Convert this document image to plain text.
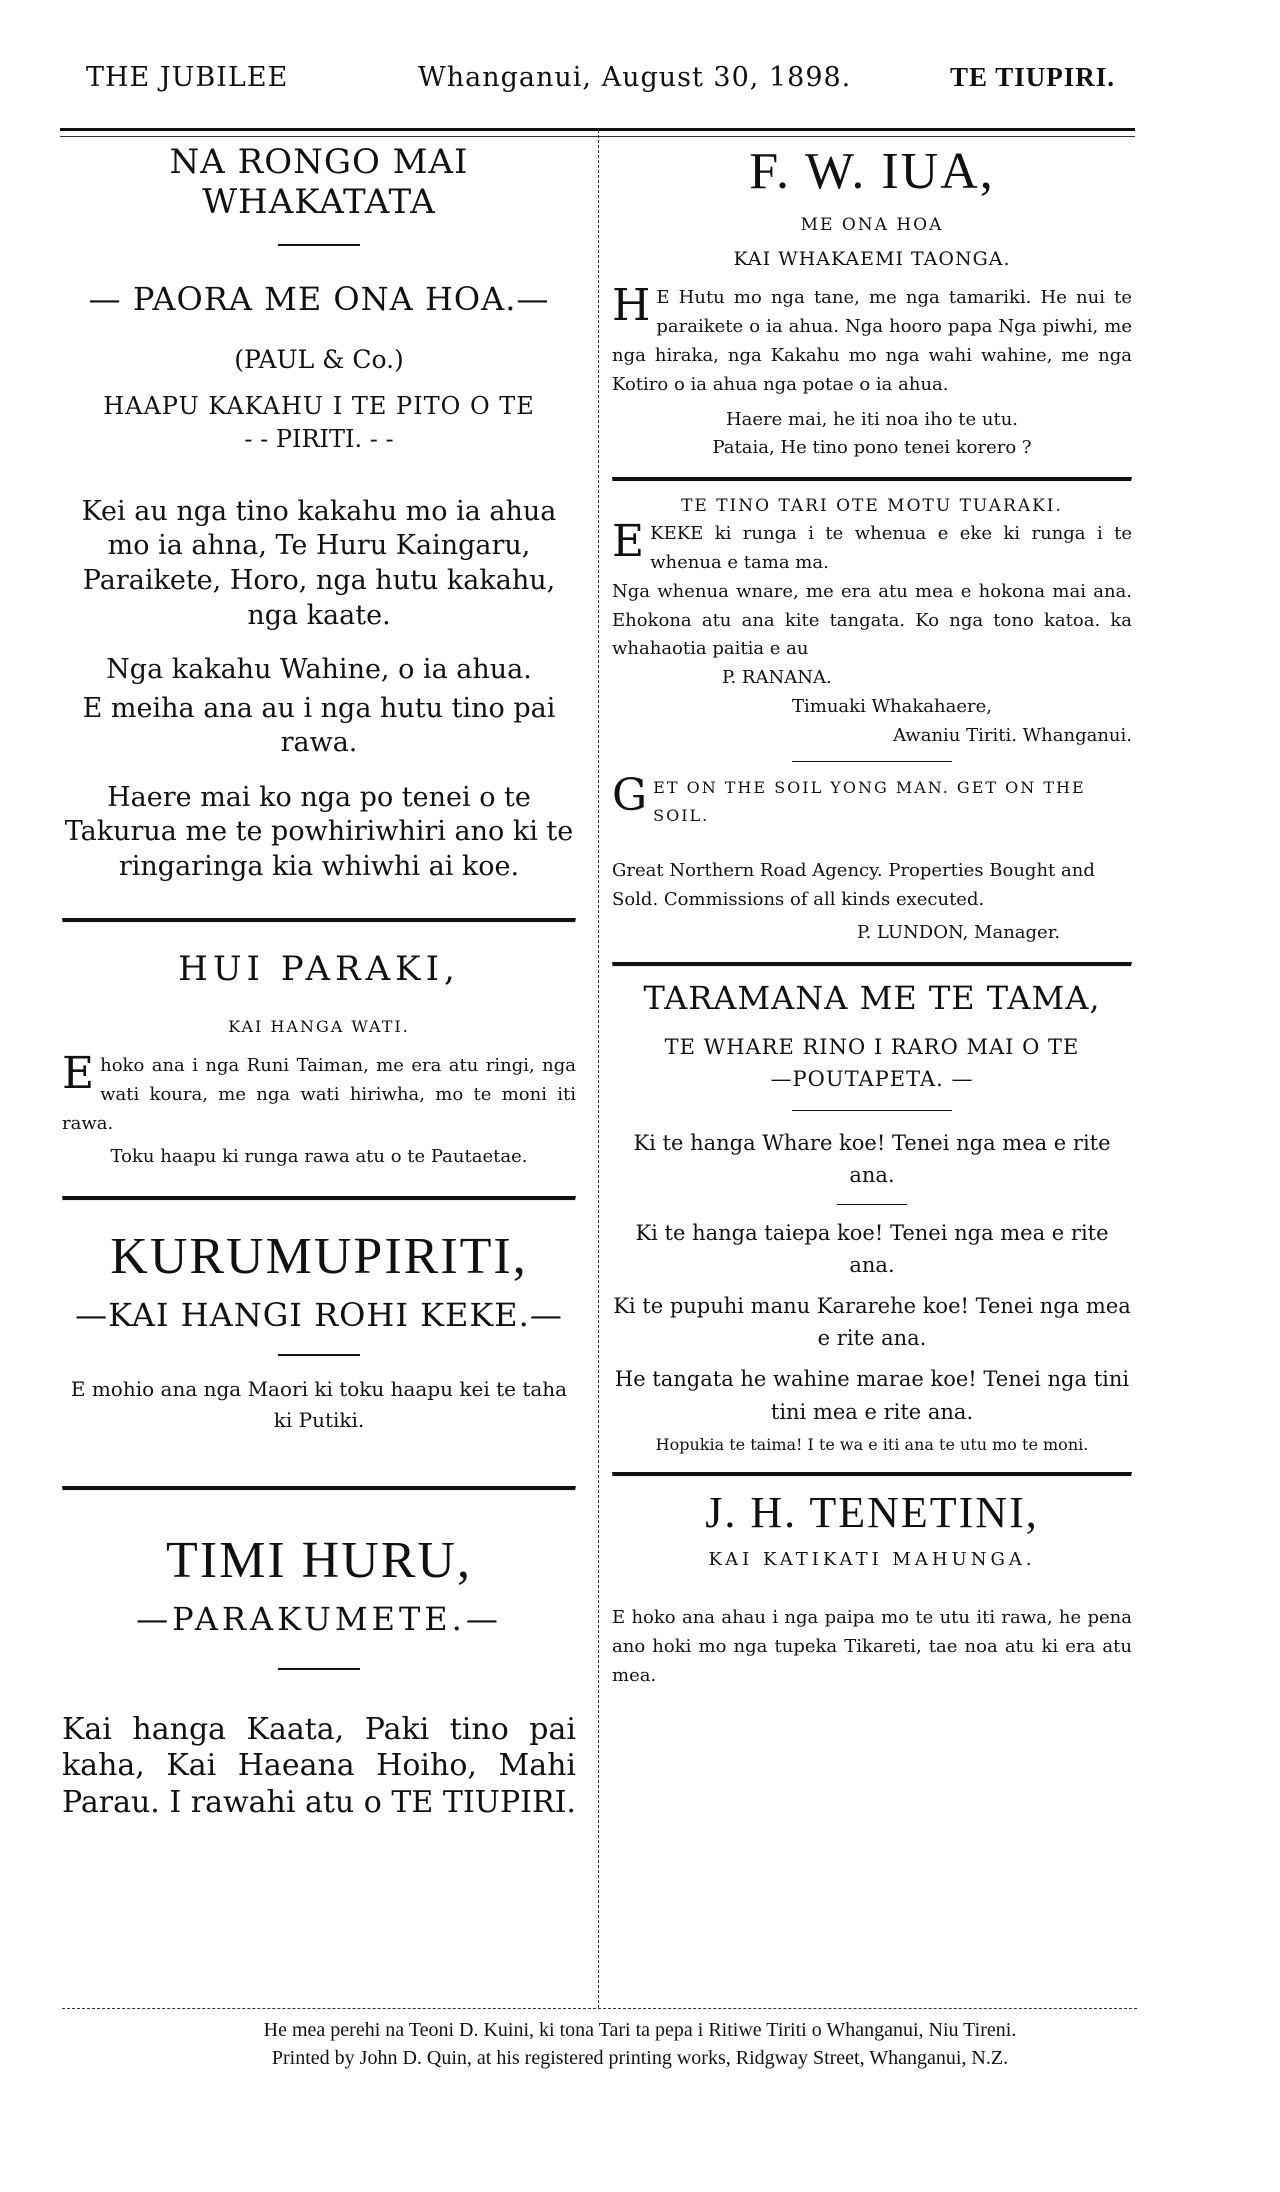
THE JUBILEE	Whanganui, August 30, 1898.	TE TIUPIRI.
NA RONGO MAI WHAKATATA
— PAORA ME ONA HOA.—
(PAUL & Co.)
HAAPU KAKAHU I TE PITO O TE
- - PIRITI. - -
Kei au nga tino kakahu mo ia ahua mo ia ahna, Te Huru Kaingaru, Paraikete, Horo, nga hutu kakahu, nga kaate.
Nga kakahu Wahine, o ia ahua.
E meiha ana au i nga hutu tino pai rawa.
Haere mai ko nga po tenei o te Takurua me te powhiriwhiri ano ki te ringaringa kia whiwhi ai koe.
HUI PARAKI,
KAI HANGA WATI.
E hoko ana i nga Runi Taiman, me era atu ringi, nga wati koura, me nga wati hiriwha, mo te moni iti rawa.
Toku haapu ki runga rawa atu o te Pautaetae.
KURUMUPIRITI,
—KAI HANGI ROHI KEKE.—
E mohio ana nga Maori ki toku haapu kei te taha ki Putiki.
TIMI HURU,
—PARAKUMETE.—
Kai hanga Kaata, Paki tino pai kaha, Kai Haeana Hoiho, Mahi Parau. I rawahi atu o TE TIUPIRI.
F. W. IUA,
ME ONA HOA
KAI WHAKAEMI TAONGA.
H E Hutu mo nga tane, me nga tamariki. He nui te paraikete o ia ahua. Nga hooro papa Nga piwhi, me nga hiraka, nga Kakahu mo nga wahi wahine, me nga Kotiro o ia ahua nga potae o ia ahua.
Haere mai, he iti noa iho te utu.
Pataia, He tino pono tenei korero ?
TE TINO TARI OTE MOTU TUARAKI.
E KEKE ki runga i te whenua e eke ki runga i te whenua e tama ma.
Nga whenua wnare, me era atu mea e hokona mai ana. Ehokona atu ana kite tangata. Ko nga tono katoa. ka whahaotia paitia e au
P. RANANA.
Timuaki Whakahaere,
Awaniu Tiriti. Whanganui.
G ET ON THE SOIL YONG MAN. GET ON THE SOIL.
Great Northern Road Agency. Properties Bought and Sold. Commissions of all kinds executed.
P. LUNDON, Manager.
TARAMANA ME TE TAMA,
TE WHARE RINO I RARO MAI O TE
—POUTAPETA. —
Ki te hanga Whare koe! Tenei nga mea e rite ana.
Ki te hanga taiepa koe! Tenei nga mea e rite ana.
Ki te pupuhi manu Kararehe koe! Tenei nga mea e rite ana.
He tangata he wahine marae koe! Tenei nga tini tini mea e rite ana.
Hopukia te taima! I te wa e iti ana te utu mo te moni.
J. H. TENETINI,
KAI KATIKATI MAHUNGA.
E hoko ana ahau i nga paipa mo te utu iti rawa, he pena ano hoki mo nga tupeka Tikareti, tae noa atu ki era atu mea.
He mea perehi na Teoni D. Kuini, ki tona Tari ta pepa i Ritiwe Tiriti o Whanganui, Niu Tireni.
Printed by John D. Quin, at his registered printing works, Ridgway Street, Whanganui, N.Z.
